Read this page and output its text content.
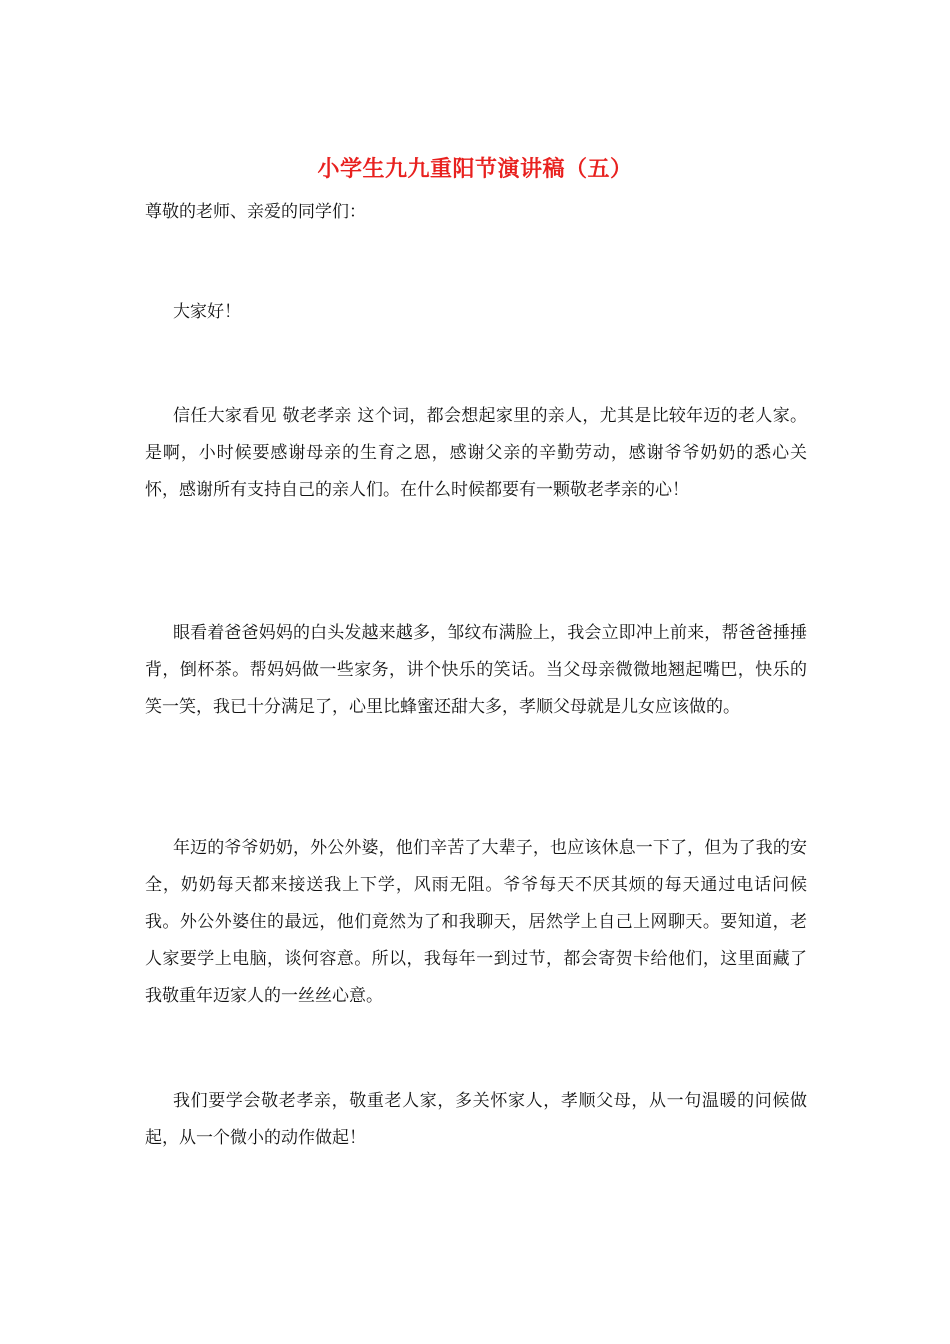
小学生九九重阳节演讲稿（五）

尊敬的老师、亲爱的同学们：

大家好！

信任大家看见 敬老孝亲 这个词，都会想起家里的亲人，尤其是比较年迈的老人家。是啊，小时候要感谢母亲的生育之恩，感谢父亲的辛勤劳动，感谢爷爷奶奶的悉心关怀，感谢所有支持自己的亲人们。在什么时候都要有一颗敬老孝亲的心！

眼看着爸爸妈妈的白头发越来越多，邹纹布满脸上，我会立即冲上前来，帮爸爸捶捶背，倒杯茶。帮妈妈做一些家务，讲个快乐的笑话。当父母亲微微地翘起嘴巴，快乐的笑一笑，我已十分满足了，心里比蜂蜜还甜大多，孝顺父母就是儿女应该做的。

年迈的爷爷奶奶，外公外婆，他们辛苦了大辈子，也应该休息一下了，但为了我的安全，奶奶每天都来接送我上下学，风雨无阻。爷爷每天不厌其烦的每天通过电话问候我。外公外婆住的最远，他们竟然为了和我聊天，居然学上自己上网聊天。要知道，老人家要学上电脑，谈何容意。所以，我每年一到过节，都会寄贺卡给他们，这里面藏了我敬重年迈家人的一丝丝心意。

我们要学会敬老孝亲，敬重老人家，多关怀家人，孝顺父母，从一句温暖的问候做起，从一个微小的动作做起！
